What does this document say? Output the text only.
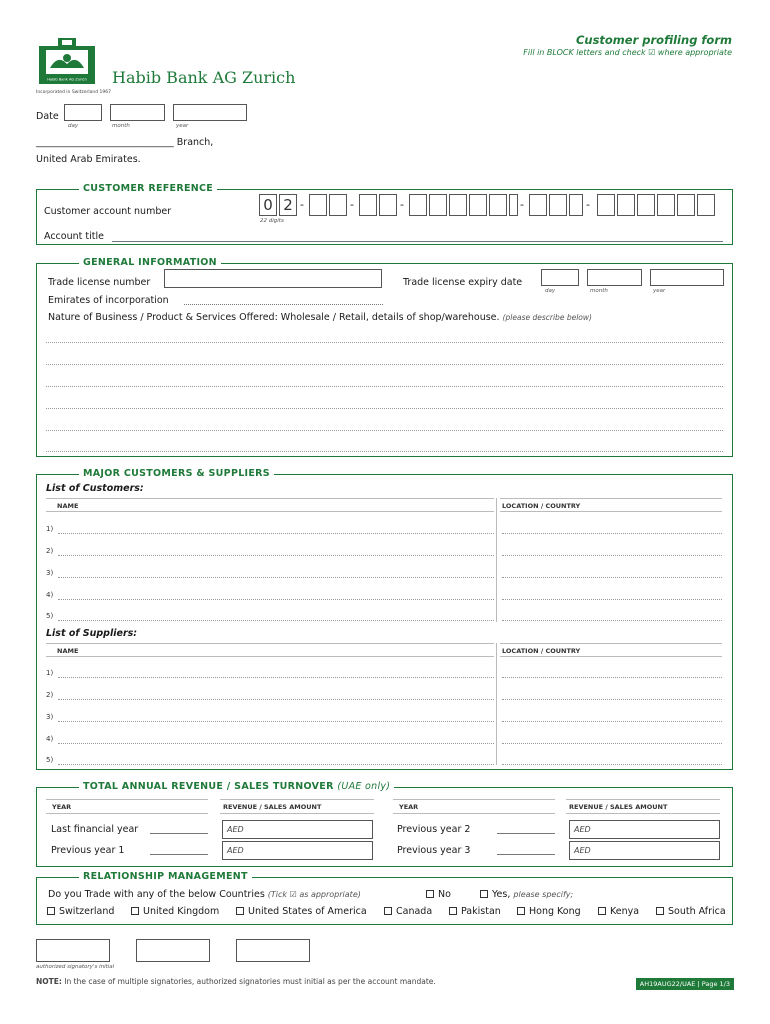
Customer profiling form
Fill in BLOCK letters and check ☑ where appropriate
Habib Bank AG Zurich Habib Bank AG Zurich
Incorporated in Switzerland 1967
Date
day	month	year
_____________________________ Branch,
United Arab Emirates.
CUSTOMER REFERENCE
Customer account number	0 2
22 digits
-	-	-	-	-
Account title
GENERAL INFORMATION
Trade license number	Trade license expiry date
day	month	year
Emirates of incorporation
Nature of Business / Product & Services Offered: Wholesale / Retail, details of shop/warehouse. (please describe below)
MAJOR CUSTOMERS & SUPPLIERS
List of Customers:
NAME	LOCATION / COUNTRY
1)
2)
3)
4)
5)
List of Suppliers:
NAME	LOCATION / COUNTRY
1)
2)
3)
4)
5)
TOTAL ANNUAL REVENUE / SALES TURNOVER (UAE only)
YEAR	REVENUE / SALES AMOUNT	YEAR	REVENUE / SALES AMOUNT
Last financial year	AED
Previous year 1	AED
Previous year 2	AED
Previous year 3	AED
RELATIONSHIP MANAGEMENT
Do you Trade with any of the below Countries (Tick ☑ as appropriate)	No	Yes, please specify;
Switzerland	United Kingdom	United States of America	Canada	Pakistan	Hong Kong	Kenya	South Africa
authorized signatory's initial
NOTE: In the case of multiple signatories, authorized signatories must initial as per the account mandate.	AH19AUG22/UAE | Page 1/3
